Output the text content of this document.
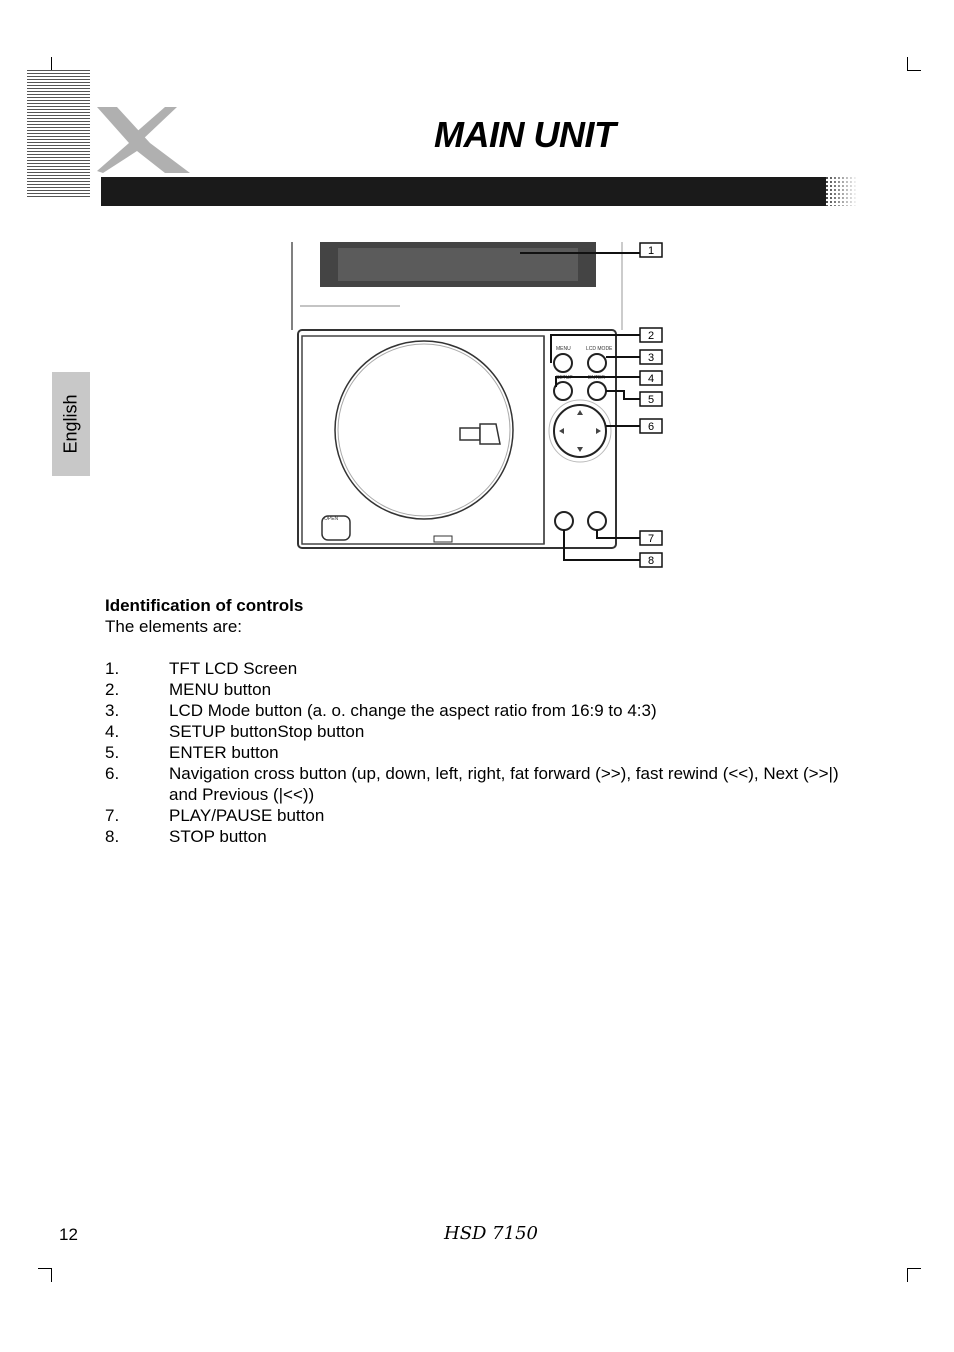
MAIN UNIT
English
OPEN
MENU	LCD MODE
SETUP	ENTER
1
2
3
4
5
6
7
8
Identification of controls

The elements are:

1.	TFT LCD Screen
2.	MENU button
3.	LCD Mode button (a. o. change the aspect ratio from 16:9 to 4:3)
4.	SETUP buttonStop button
5.	ENTER button
6.	Navigation cross button (up, down, left, right, fat forward (>>), fast rewind (<<), Next (>>|) and Previous (|<<))
7.	PLAY/PAUSE button
8.	STOP button
12	HSD 7150
